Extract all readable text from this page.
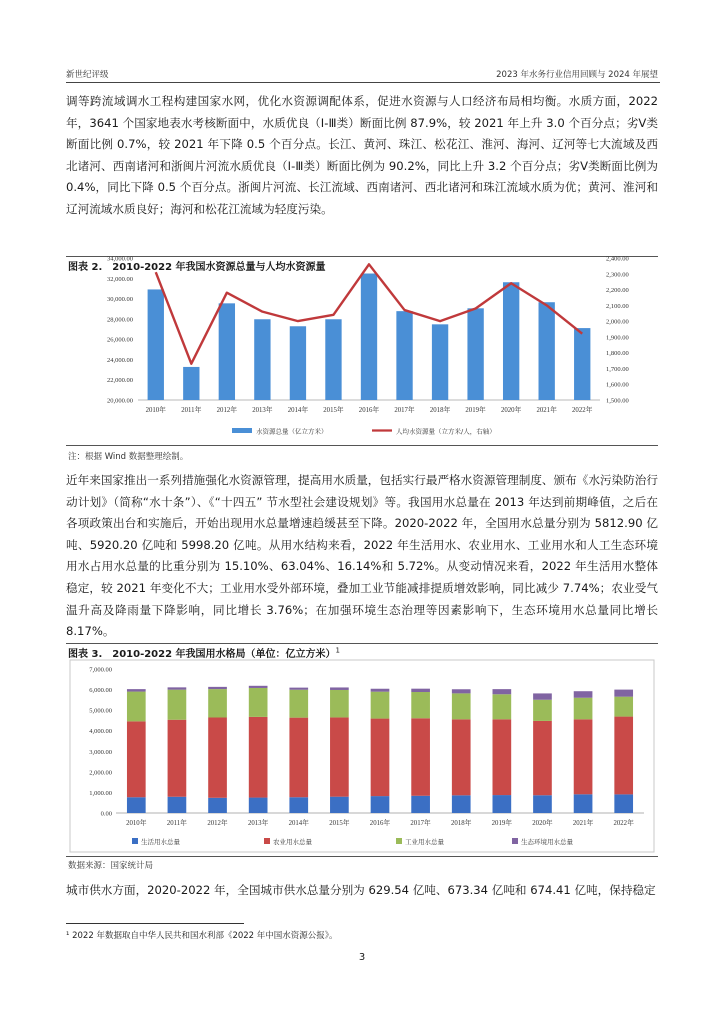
新世纪评级	2023 年水务行业信用回顾与 2024 年展望

调等跨流域调水工程构建国家水网，优化水资源调配体系，促进水资源与人口经济布局相均衡。水质方面，2022 年，3641 个国家地表水考核断面中，水质优良（Ⅰ-Ⅲ类）断面比例 87.9%，较 2021 年上升 3.0 个百分点；劣Ⅴ类断面比例 0.7%，较 2021 年下降 0.5 个百分点。长江、黄河、珠江、松花江、淮河、海河、辽河等七大流域及西北诸河、西南诸河和浙闽片河流水质优良（Ⅰ-Ⅲ类）断面比例为 90.2%，同比上升 3.2 个百分点；劣Ⅴ类断面比例为 0.4%，同比下降 0.5 个百分点。浙闽片河流、长江流域、西南诸河、西北诸河和珠江流域水质为优；黄河、淮河和辽河流域水质良好；海河和松花江流域为轻度污染。

图表 2.　2010-2022 年我国水资源总量与人均水资源量
20,000.00
22,000.00
24,000.00
26,000.00
28,000.00
30,000.00
32,000.00
34,000.00
1,500.00
1,600.00
1,700.00
1,800.00
1,900.00
2,000.00
2,100.00
2,200.00
2,300.00
2,400.00
2010年 2011年 2012年 2013年 2014年 2015年 2016年 2017年 2018年 2019年 2020年 2021年 2022年
水资源总量（亿立方米）	人均水资源量（立方米/人，右轴）
注：根据 Wind 数据整理绘制。

近年来国家推出一系列措施强化水资源管理，提高用水质量，包括实行最严格水资源管理制度、颁布《水污染防治行动计划》（简称“水十条”）、《“十四五” 节水型社会建设规划》等。我国用水总量在 2013 年达到前期峰值，之后在各项政策出台和实施后，开始出现用水总量增速趋缓甚至下降。2020-2022 年，全国用水总量分别为 5812.90 亿吨、5920.20 亿吨和 5998.20 亿吨。从用水结构来看，2022 年生活用水、农业用水、工业用水和人工生态环境用水占用水总量的比重分别为 15.10%、63.04%、16.14%和 5.72%。从变动情况来看，2022 年生活用水整体稳定，较 2021 年变化不大；工业用水受外部环境，叠加工业节能减排提质增效影响，同比减少 7.74%；农业受气温升高及降雨量下降影响，同比增长 3.76%；在加强环境生态治理等因素影响下，生态环境用水总量同比增长 8.17%。

图表 3.　2010-2022 年我国用水格局（单位：亿立方米）$^1$
0.00
1,000.00
2,000.00
3,000.00
4,000.00
5,000.00
6,000.00
7,000.00
2010年	2011年	2012年	2013年	2014年	2015年	2016年	2017年	2018年	2019年	2020年	2021年	2022年
生活用水总量	农业用水总量	工业用水总量	生态环境用水总量
数据来源：国家统计局

城市供水方面，2020-2022 年，全国城市供水总量分别为 629.54 亿吨、673.34 亿吨和 674.41 亿吨，保持稳定

¹ 2022 年数据取自中华人民共和国水利部《2022 年中国水资源公报》。
3
